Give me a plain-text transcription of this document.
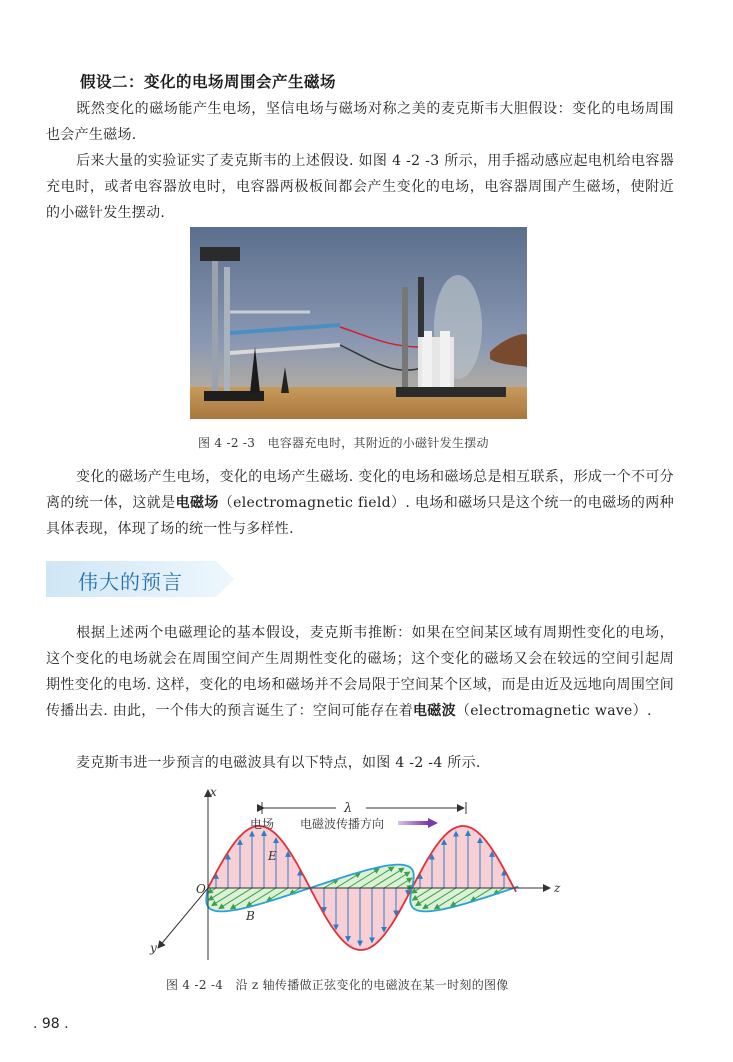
假设二：变化的电场周围会产生磁场
既然变化的磁场能产生电场，坚信电场与磁场对称之美的麦克斯韦大胆假设：变化的电场周围也会产生磁场.
后来大量的实验证实了麦克斯韦的上述假设. 如图 4 -2 -3 所示，用手摇动感应起电机给电容器充电时，或者电容器放电时，电容器两极板间都会产生变化的电场，电容器周围产生磁场，使附近的小磁针发生摆动.
图 4 -2 -3　电容器充电时，其附近的小磁针发生摆动
变化的磁场产生电场，变化的电场产生磁场. 变化的电场和磁场总是相互联系，形成一个不可分离的统一体，这就是电磁场（electromagnetic field）. 电场和磁场只是这个统一的电磁场的两种具体表现，体现了场的统一性与多样性.
伟大的预言
根据上述两个电磁理论的基本假设，麦克斯韦推断：如果在空间某区域有周期性变化的电场，这个变化的电场就会在周围空间产生周期性变化的磁场；这个变化的磁场又会在较远的空间引起周期性变化的电场. 这样，变化的电场和磁场并不会局限于空间某个区域，而是由近及远地向周围空间传播出去. 由此，一个伟大的预言诞生了：空间可能存在着电磁波（electromagnetic wave）.
麦克斯韦进一步预言的电磁波具有以下特点，如图 4 -2 -4 所示.
λ
电场 电磁波传播方向
x
z
y
O
E
B
图 4 -2 -4　沿 z 轴传播做正弦变化的电磁波在某一时刻的图像
. 98 .
